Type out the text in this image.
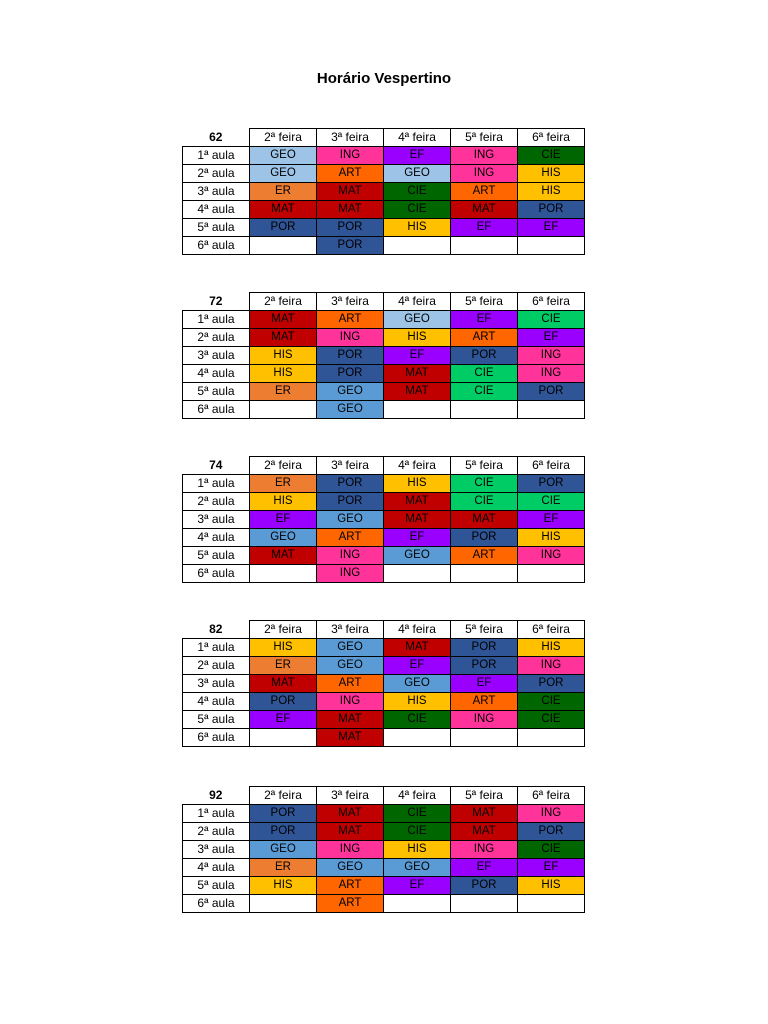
Horário Vespertino
62	2ª feira	3ª feira	4ª feira	5ª feira	6ª feira
1ª aula	GEO	ING	EF	ING	CIE
2ª aula	GEO	ART	GEO	ING	HIS
3ª aula	ER	MAT	CIE	ART	HIS
4ª aula	MAT	MAT	CIE	MAT	POR
5ª aula	POR	POR	HIS	EF	EF
6ª aula		POR			
72	2ª feira	3ª feira	4ª feira	5ª feira	6ª feira
1ª aula	MAT	ART	GEO	EF	CIE
2ª aula	MAT	ING	HIS	ART	EF
3ª aula	HIS	POR	EF	POR	ING
4ª aula	HIS	POR	MAT	CIE	ING
5ª aula	ER	GEO	MAT	CIE	POR
6ª aula		GEO			
74	2ª feira	3ª feira	4ª feira	5ª feira	6ª feira
1ª aula	ER	POR	HIS	CIE	POR
2ª aula	HIS	POR	MAT	CIE	CIE
3ª aula	EF	GEO	MAT	MAT	EF
4ª aula	GEO	ART	EF	POR	HIS
5ª aula	MAT	ING	GEO	ART	ING
6ª aula		ING			
82	2ª feira	3ª feira	4ª feira	5ª feira	6ª feira
1ª aula	HIS	GEO	MAT	POR	HIS
2ª aula	ER	GEO	EF	POR	ING
3ª aula	MAT	ART	GEO	EF	POR
4ª aula	POR	ING	HIS	ART	CIE
5ª aula	EF	MAT	CIE	ING	CIE
6ª aula		MAT			
92	2ª feira	3ª feira	4ª feira	5ª feira	6ª feira
1ª aula	POR	MAT	CIE	MAT	ING
2ª aula	POR	MAT	CIE	MAT	POR
3ª aula	GEO	ING	HIS	ING	CIE
4ª aula	ER	GEO	GEO	EF	EF
5ª aula	HIS	ART	EF	POR	HIS
6ª aula		ART			
